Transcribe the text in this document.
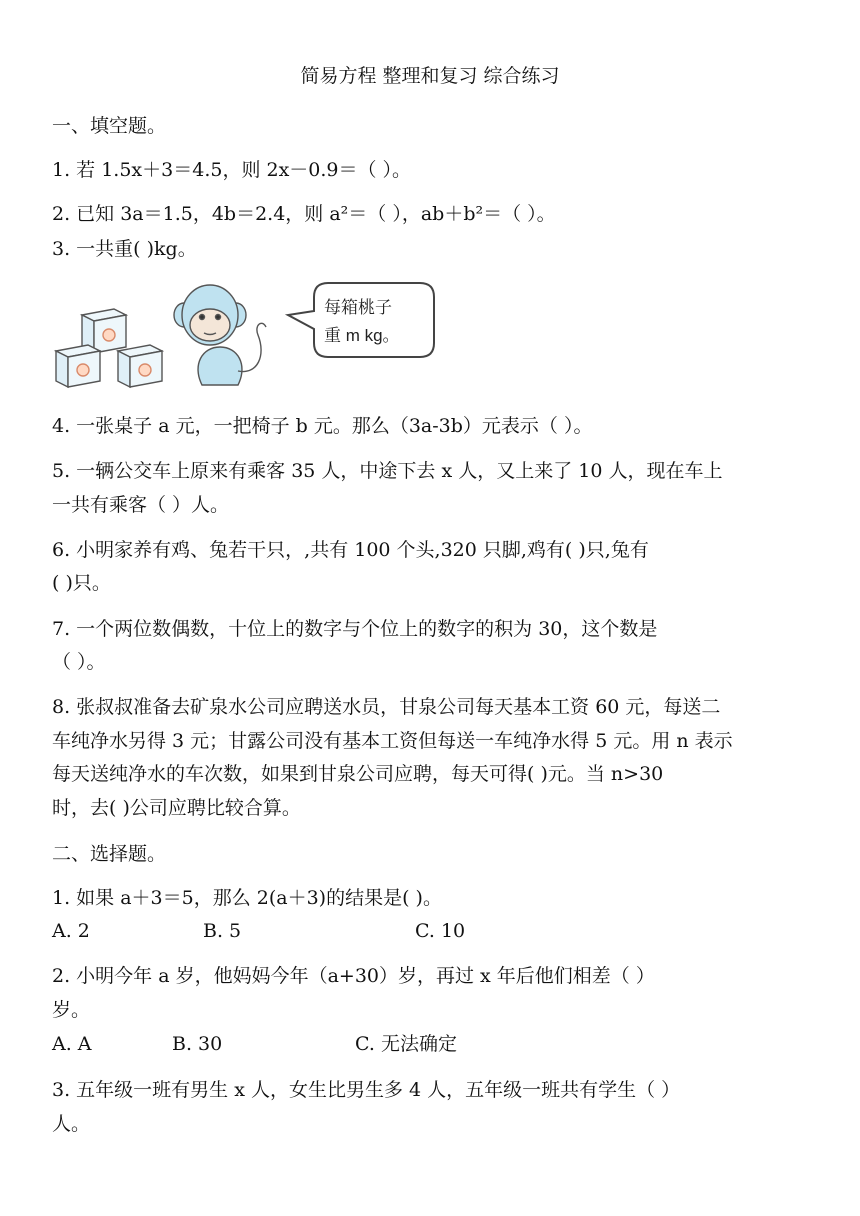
简易方程 整理和复习 综合练习

一、填空题。

1. 若 1.5x＋3＝4.5，则 2x－0.9＝（ ）。

2. 已知 3a＝1.5，4b＝2.4，则 a²＝（ ），ab＋b²＝（ ）。

3. 一共重( )kg。

每箱桃子
重 m kg。

4. 一张桌子 a 元，一把椅子 b 元。那么（3a-3b）元表示（ ）。

5. 一辆公交车上原来有乘客 35 人，中途下去 x 人，又上来了 10 人，现在车上

一共有乘客（ ）人。

6. 小明家养有鸡、兔若干只，,共有 100 个头,320 只脚,鸡有( )只,兔有

( )只。

7. 一个两位数偶数，十位上的数字与个位上的数字的积为 30，这个数是

（ ）。

8. 张叔叔准备去矿泉水公司应聘送水员，甘泉公司每天基本工资 60 元，每送二

车纯净水另得 3 元；甘露公司没有基本工资但每送一车纯净水得 5 元。用 n 表示

每天送纯净水的车次数，如果到甘泉公司应聘，每天可得( )元。当 n>30

时，去( )公司应聘比较合算。

二、选择题。

1. 如果 a＋3＝5，那么 2(a＋3)的结果是( )。

A. 2	B. 5	C. 10

2. 小明今年 a 岁，他妈妈今年（a+30）岁，再过 x 年后他们相差（ ）

岁。

A. A	B. 30	C. 无法确定

3. 五年级一班有男生 x 人，女生比男生多 4 人，五年级一班共有学生（ ）

人。
